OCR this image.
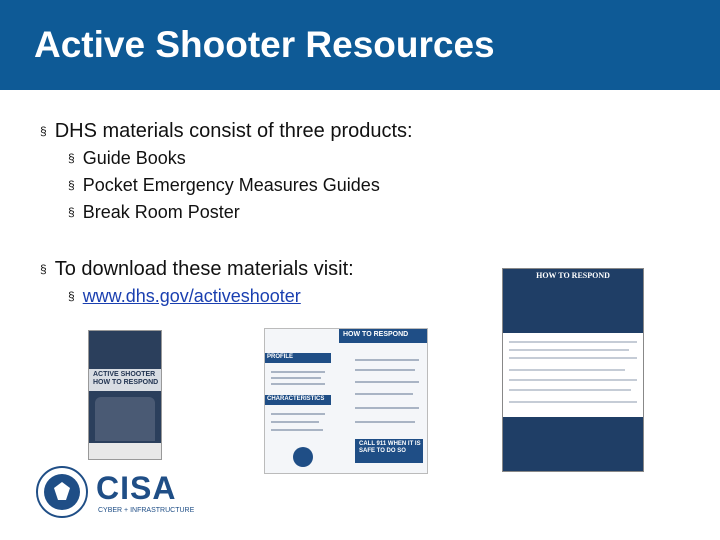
Active Shooter Resources
§ DHS materials consist of three products:
§ Guide Books
§ Pocket Emergency Measures Guides
§ Break Room Poster
§ To download these materials visit:
§ www.dhs.gov/activeshooter
ACTIVE SHOOTER HOW TO RESPOND
HOW TO RESPOND
PROFILE
CHARACTERISTICS
CALL 911 WHEN IT IS SAFE TO DO SO
HOW TO RESPOND
CISA
CYBER + INFRASTRUCTURE
